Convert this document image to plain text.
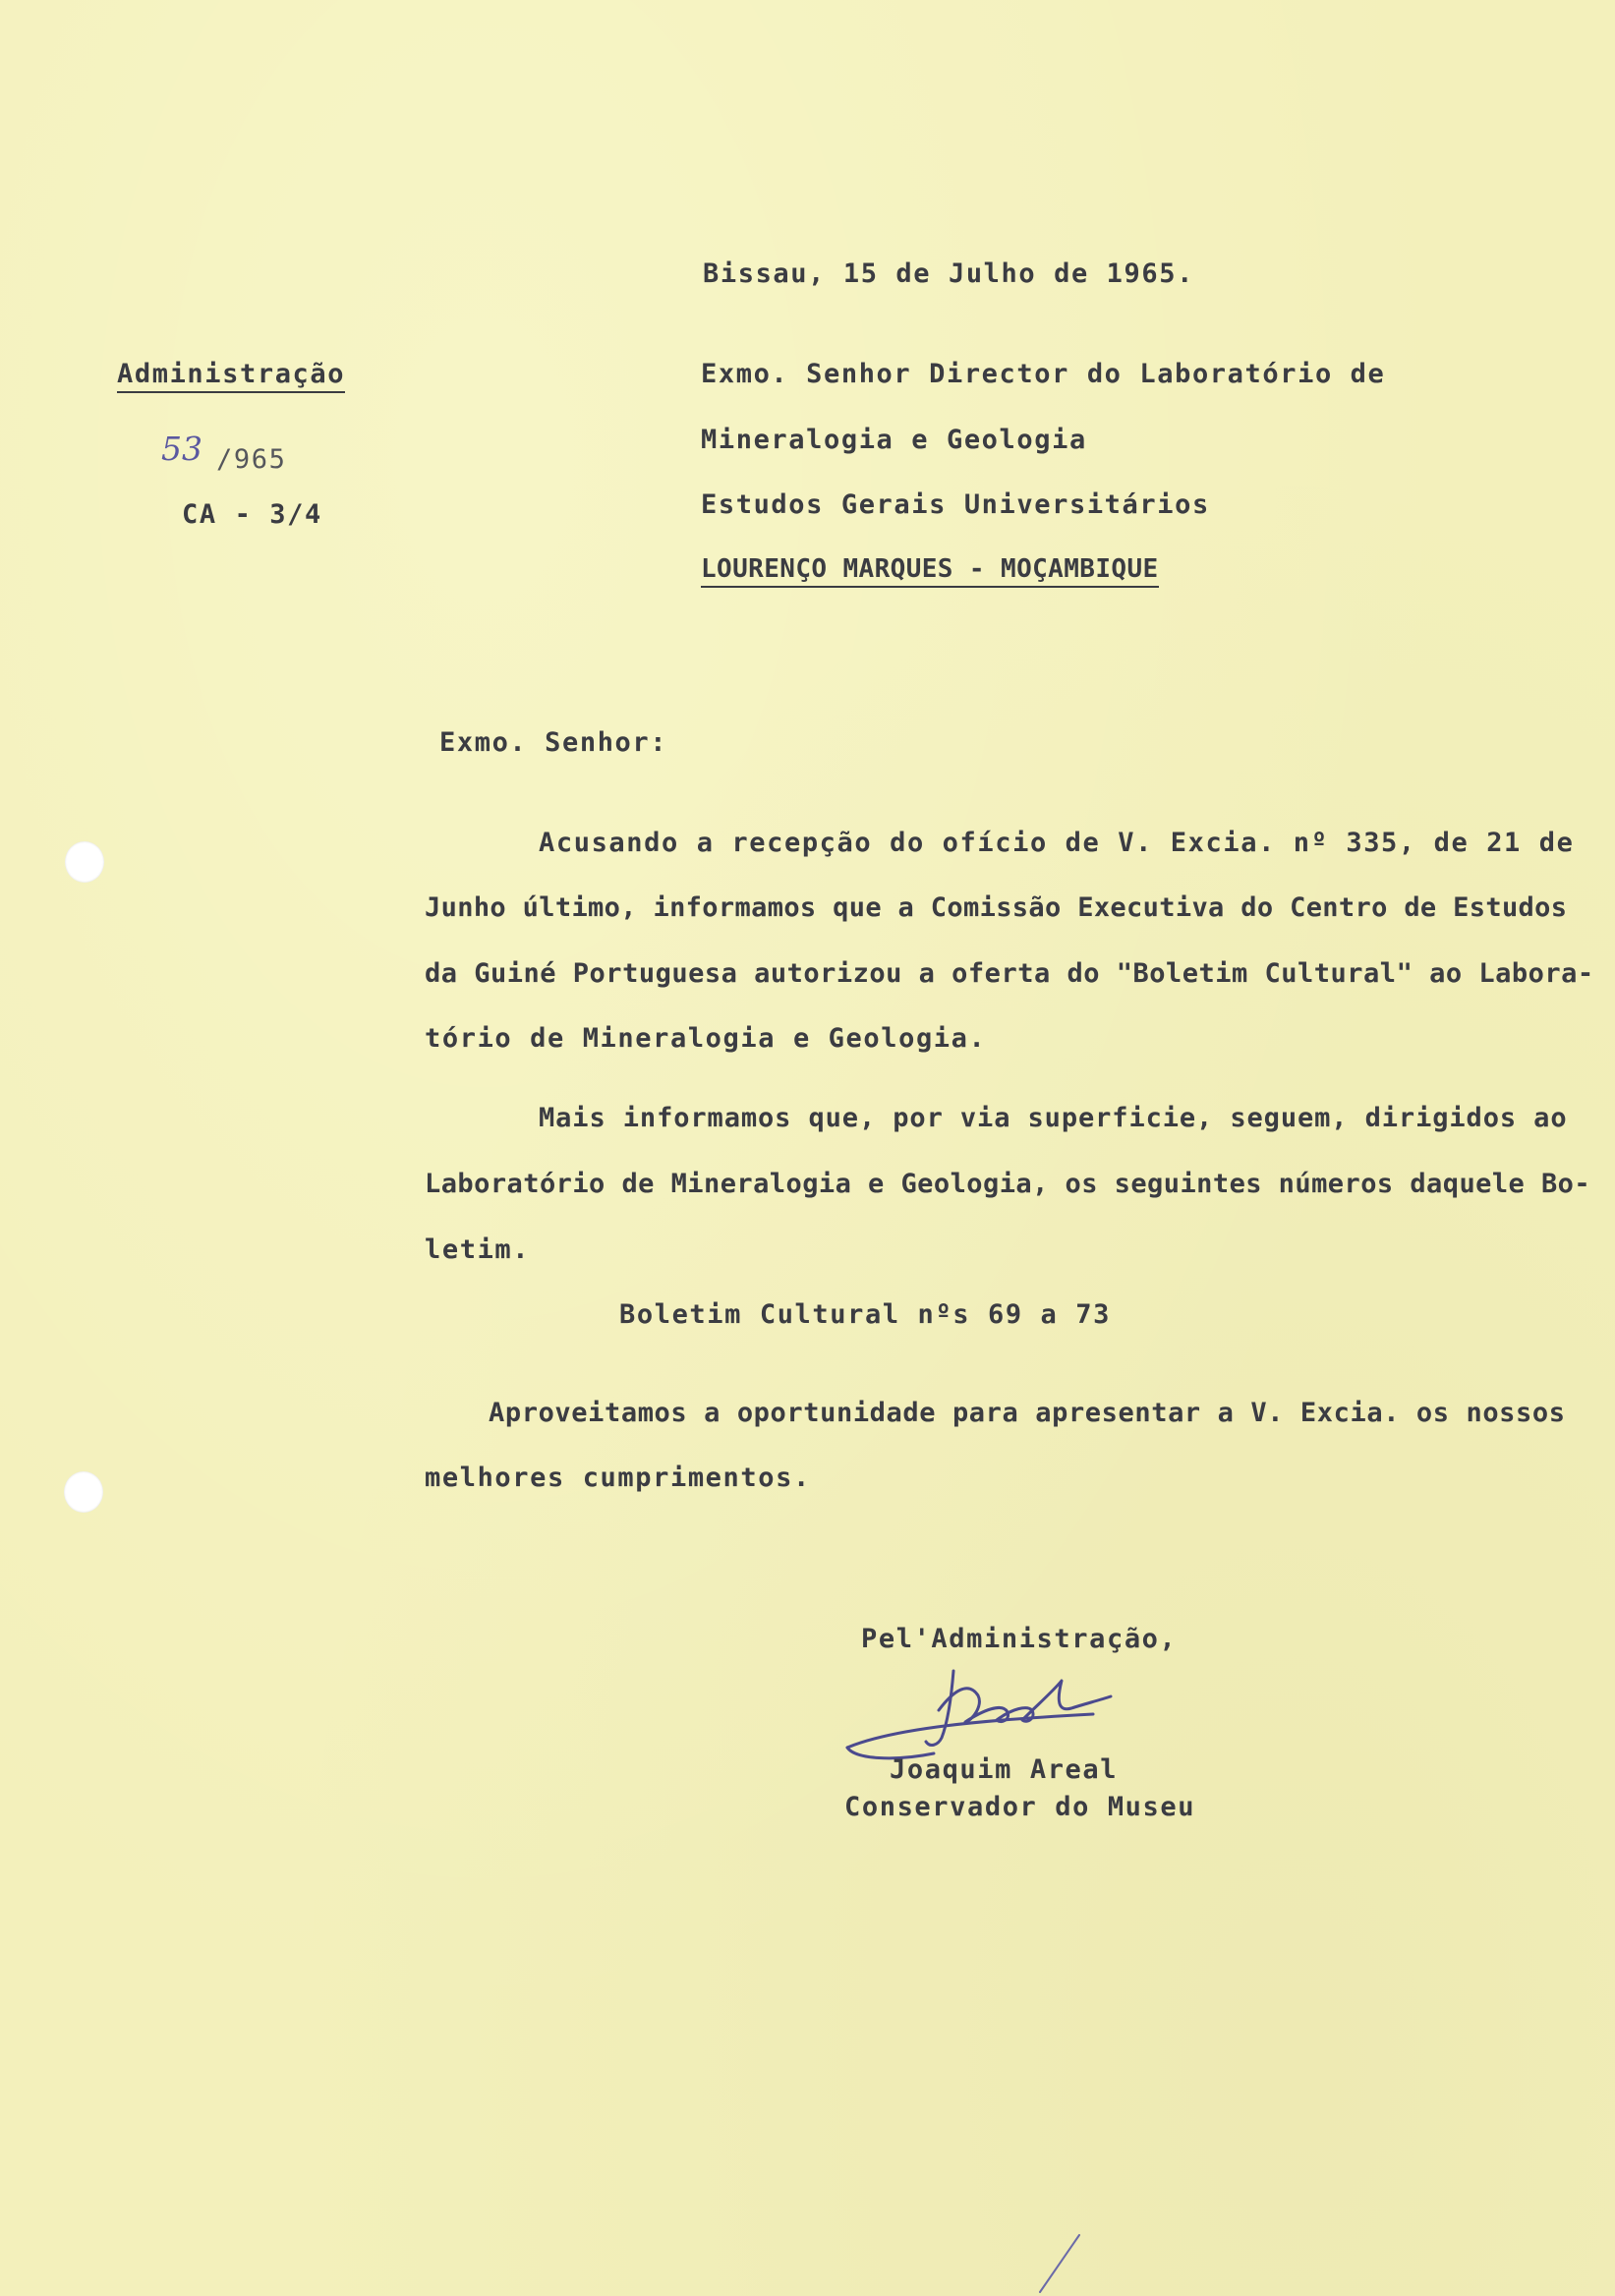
Bissau, 15 de Julho de 1965.
Administração
53 /965
CA - 3/4
Exmo. Senhor Director do Laboratório de
Mineralogia e Geologia
Estudos Gerais Universitários
LOURENÇO MARQUES - MOÇAMBIQUE
Exmo. Senhor:
Acusando a recepção do ofício de V. Excia. nº 335, de 21 de
Junho último, informamos que a Comissão Executiva do Centro de Estudos
da Guiné Portuguesa autorizou a oferta do "Boletim Cultural" ao Labora-
tório de Mineralogia e Geologia.
Mais informamos que, por via superficie, seguem, dirigidos ao
Laboratório de Mineralogia e Geologia, os seguintes números daquele Bo-
letim.
Boletim Cultural nºs 69 a 73
Aproveitamos a oportunidade para apresentar a V. Excia. os nossos
melhores cumprimentos.
Pel'Administração,
Joaquim Areal
Conservador do Museu
